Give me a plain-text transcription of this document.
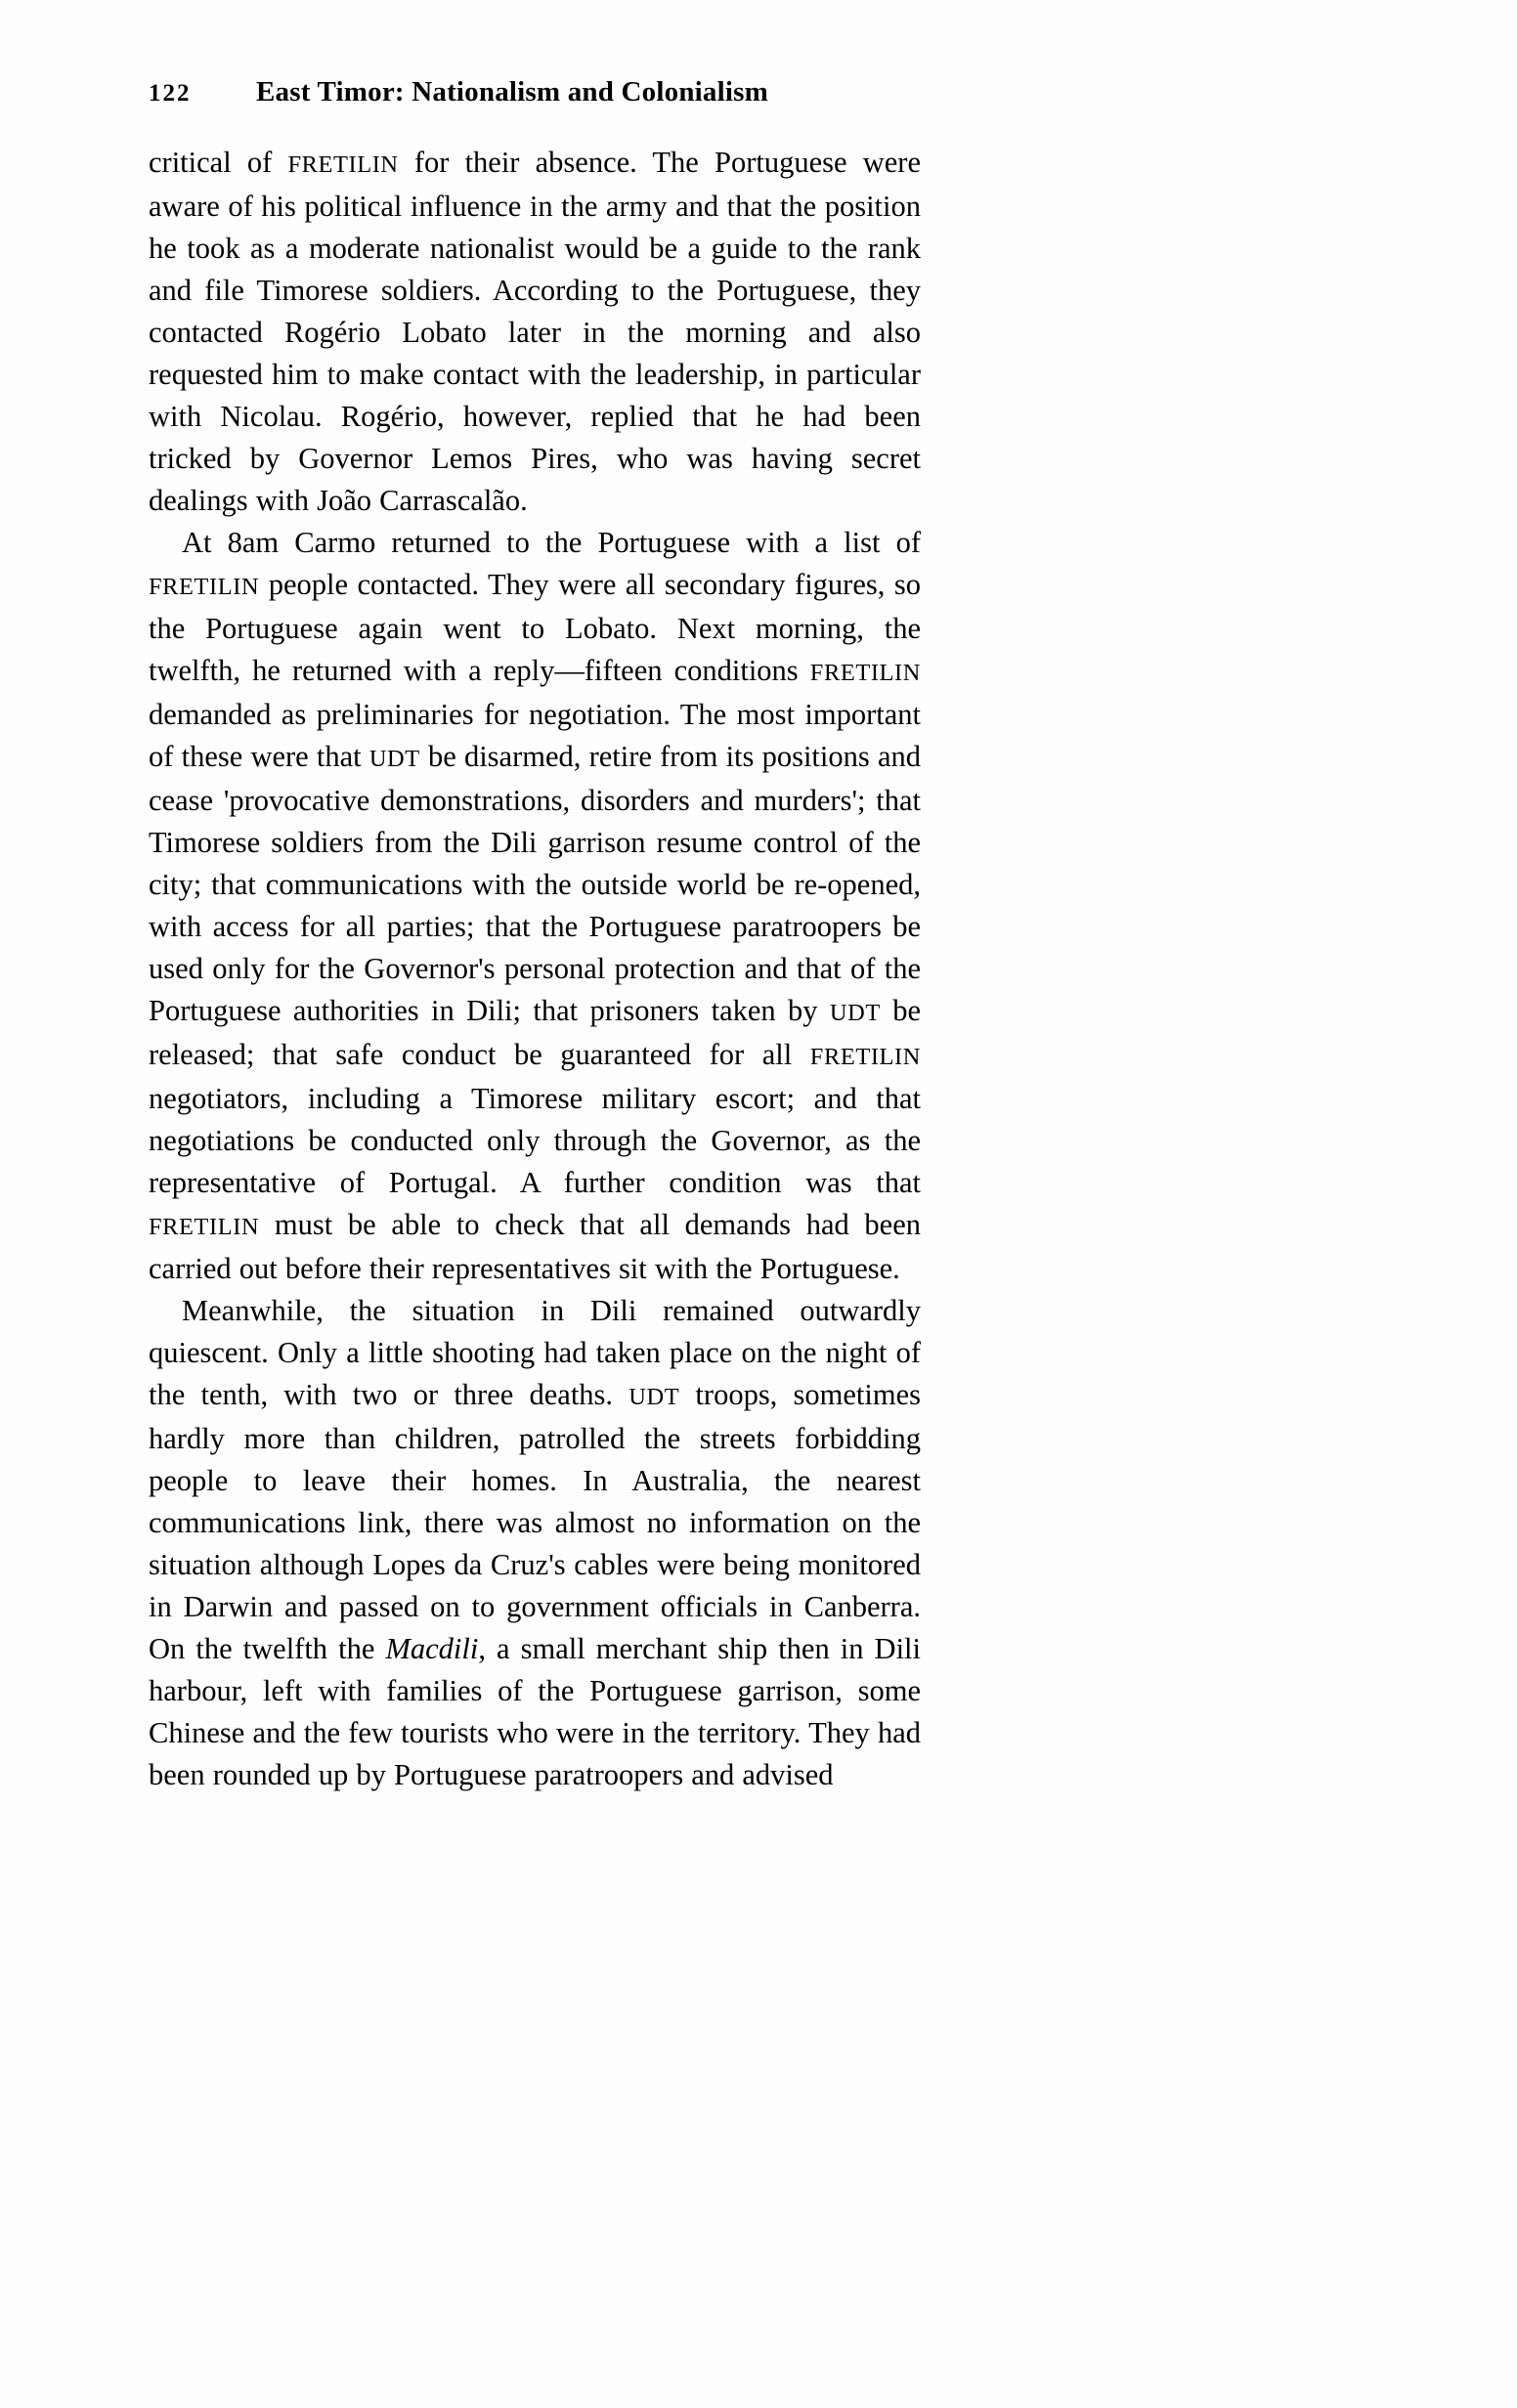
122	East Timor: Nationalism and Colonialism

critical of FRETILIN for their absence. The Portuguese were aware of his political influence in the army and that the position he took as a moderate nationalist would be a guide to the rank and file Timorese soldiers. According to the Portuguese, they contacted Rogério Lobato later in the morning and also requested him to make contact with the leadership, in particular with Nicolau. Rogério, however, replied that he had been tricked by Governor Lemos Pires, who was having secret dealings with João Carrascalão.

At 8am Carmo returned to the Portuguese with a list of FRETILIN people contacted. They were all secondary figures, so the Portuguese again went to Lobato. Next morning, the twelfth, he returned with a reply—fifteen conditions FRETILIN demanded as preliminaries for negotiation. The most important of these were that UDT be disarmed, retire from its positions and cease 'provocative demonstrations, disorders and murders'; that Timorese soldiers from the Dili garrison resume control of the city; that communications with the outside world be re-opened, with access for all parties; that the Portuguese paratroopers be used only for the Governor's personal protection and that of the Portuguese authorities in Dili; that prisoners taken by UDT be released; that safe conduct be guaranteed for all FRETILIN negotiators, including a Timorese military escort; and that negotiations be conducted only through the Governor, as the representative of Portugal. A further condition was that FRETILIN must be able to check that all demands had been carried out before their representatives sit with the Portuguese.

Meanwhile, the situation in Dili remained outwardly quiescent. Only a little shooting had taken place on the night of the tenth, with two or three deaths. UDT troops, sometimes hardly more than children, patrolled the streets forbidding people to leave their homes. In Australia, the nearest communications link, there was almost no information on the situation although Lopes da Cruz's cables were being monitored in Darwin and passed on to government officials in Canberra. On the twelfth the Macdili, a small merchant ship then in Dili harbour, left with families of the Portuguese garrison, some Chinese and the few tourists who were in the territory. They had been rounded up by Portuguese paratroopers and advised
